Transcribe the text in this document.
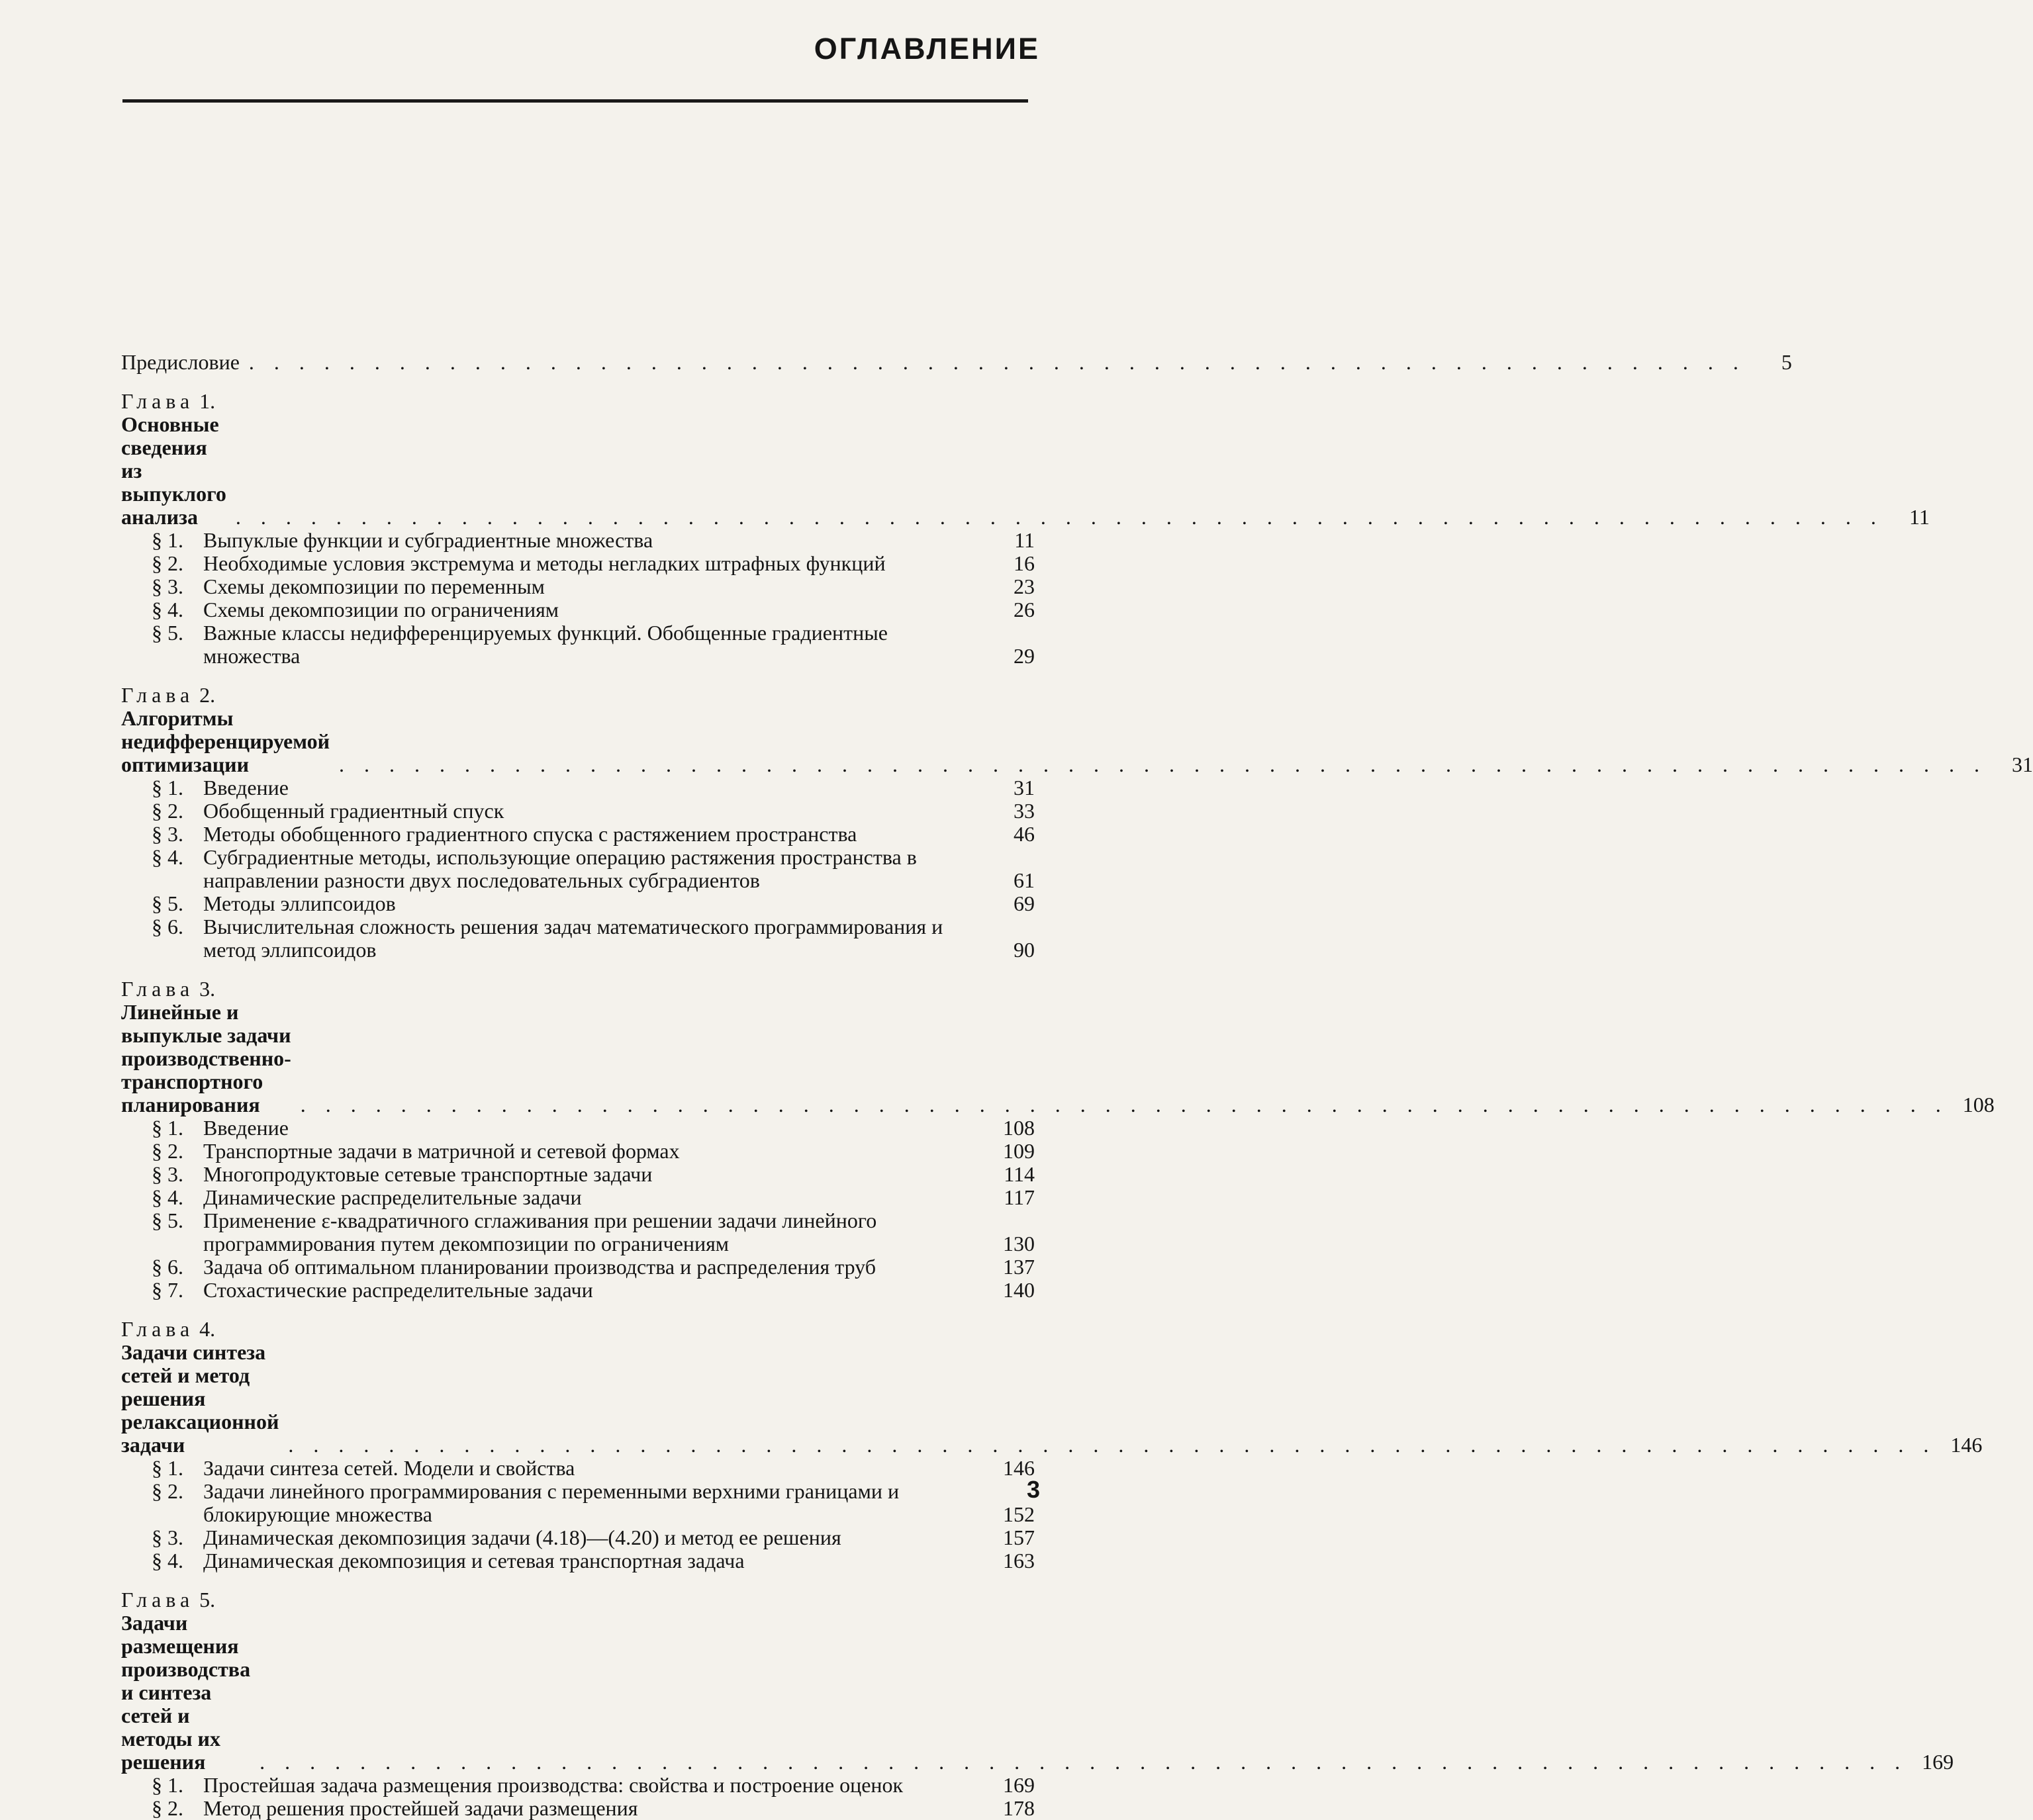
ОГЛАВЛЕНИЕ
Предисловие . . . . . . . . . . . . . . . . . . . . . . . . . . . . . . . . . . . . . . . . . . . . . . . . . . . . . . . . . . . .	5
Глава 1. Основные сведения из выпуклого анализа	. . . . . . . . . . . . . . . . . . . . . . . . . . . . . . . . . . . . . . . . . . . . . . . . . . . . . . . . . . . . . . . . . .	11
§ 1. Выпуклые функции и субградиентные множества	11
§ 2. Необходимые условия экстремума и методы негладких штрафных функций	16
§ 3. Схемы декомпозиции по переменным	23
§ 4. Схемы декомпозиции по ограничениям	26
§ 5. Важные классы недифференцируемых функций. Обобщенные градиентные множества	29
Глава 2. Алгоритмы недифференцируемой оптимизации	. . . . . . . . . . . . . . . . . . . . . . . . . . . . . . . . . . . . . . . . . . . . . . . . . . . . . . . . . . . . . . . . . .	31
§ 1. Введение	31
§ 2. Обобщенный градиентный спуск	33
§ 3. Методы обобщенного градиентного спуска с растяжением пространства	46
§ 4. Субградиентные методы, использующие операцию растяжения пространства в направлении разности двух последовательных субградиентов	61
§ 5. Методы эллипсоидов	69
§ 6. Вычислительная сложность решения задач математического программирования и метод эллипсоидов	90
Глава 3. Линейные и выпуклые задачи производственно-транспортного планирования	. . . . . . . . . . . . . . . . . . . . . . . . . . . . . . . . . . . . . . . . . . . . . . . . . . . . . . . . . . . . . . . . . . 108
§ 1. Введение	108
§ 2. Транспортные задачи в матричной и сетевой формах	109
§ 3. Многопродуктовые сетевые транспортные задачи	114
§ 4. Динамические распределительные задачи	117
§ 5. Применение ε-квадратичного сглаживания при решении задачи линейного программирования путем декомпозиции по ограничениям	130
§ 6. Задача об оптимальном планировании производства и распределения труб	137
§ 7. Стохастические распределительные задачи	140
Глава 4. Задачи синтеза сетей и метод решения релаксационной задачи	. . . . . . . . . . . . . . . . . . . . . . . . . . . . . . . . . . . . . . . . . . . . . . . . . . . . . . . . . . . . . . . . . . 146
§ 1. Задачи синтеза сетей. Модели и свойства	146
§ 2. Задачи линейного программирования с переменными верхними границами и блокирующие множества	152
§ 3. Динамическая декомпозиция задачи (4.18)—(4.20) и метод ее решения	157
§ 4. Динамическая декомпозиция и сетевая транспортная задача	163
Глава 5. Задачи размещения производства и синтеза сетей и методы их решения	. . . . . . . . . . . . . . . . . . . . . . . . . . . . . . . . . . . . . . . . . . . . . . . . . . . . . . . . . . . . . . . . . . 169
§ 1. Простейшая задача размещения производства: свойства и построение оценок	169
§ 2. Метод решения простейшей задачи размещения	178
3
